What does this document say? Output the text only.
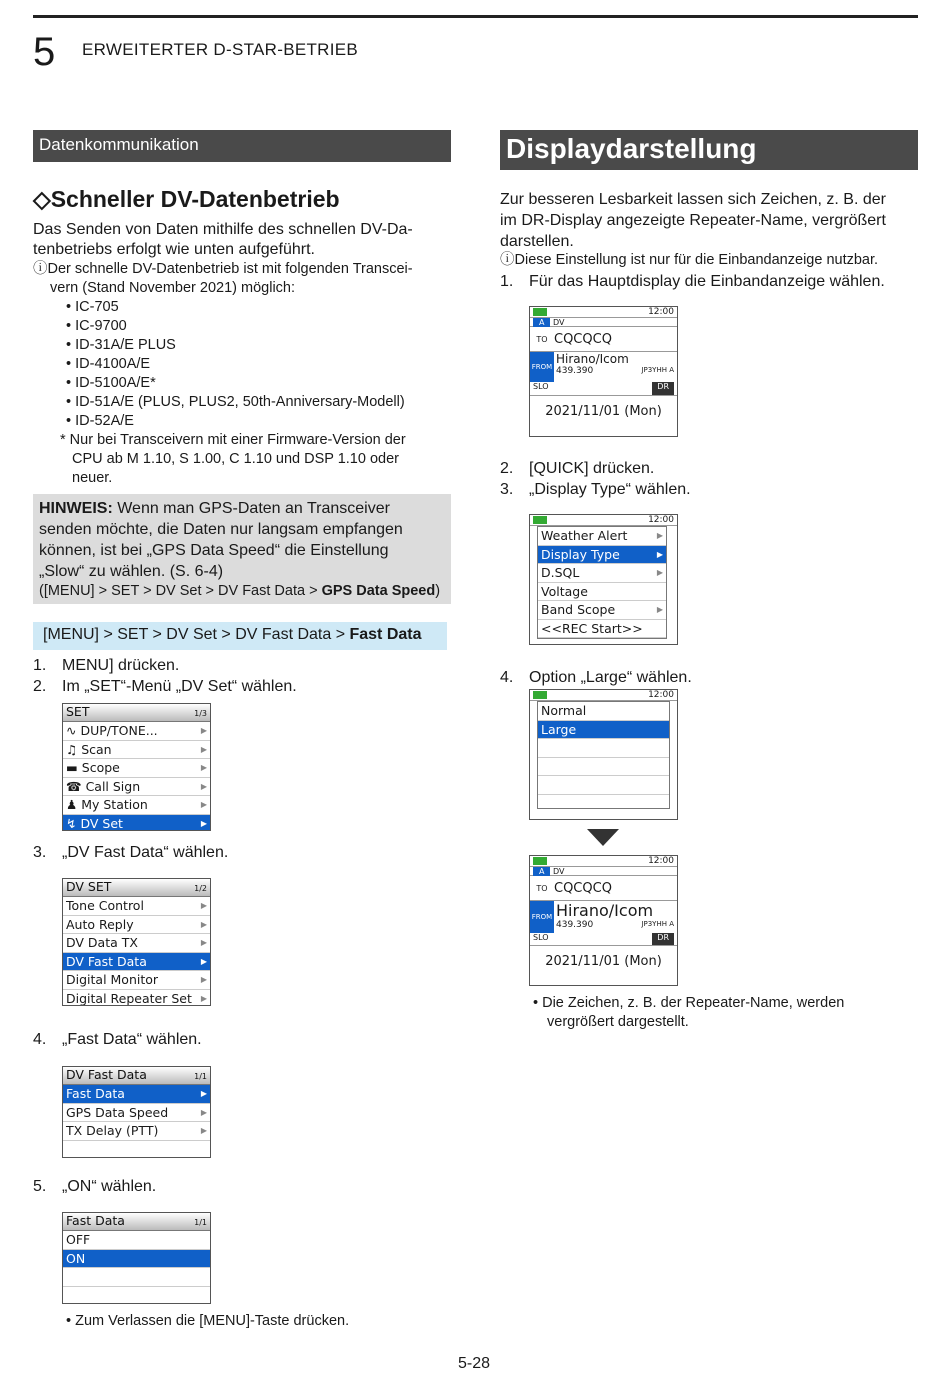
5 ERWEITERTER D-STAR-BETRIEB
Datenkommunikation
◇Schneller DV-Datenbetrieb
Das Senden von Daten mithilfe des schnellen DV-Da-
tenbetriebs erfolgt wie unten aufgeführt.
ⓘDer schnelle DV-Datenbetrieb ist mit folgenden Transcei-
vern (Stand November 2021) möglich:
• IC-705
• IC-9700
• ID-31A/E PLUS
• ID-4100A/E
• ID-5100A/E*
• ID-51A/E (PLUS, PLUS2, 50th-Anniversary-Modell)
• ID-52A/E
* Nur bei Transceivern mit einer Firmware-Version der
CPU ab M 1.10, S 1.00, C 1.10 und DSP 1.10 oder
neuer.
HINWEIS: Wenn man GPS-Daten an Transceiver
senden möchte, die Daten nur langsam empfangen
können, ist bei „GPS Data Speed“ die Einstellung
„Slow“ zu wählen. (S. 6-4)
([MENU] > SET > DV Set > DV Fast Data > GPS Data Speed)
[MENU] > SET > DV Set > DV Fast Data > Fast Data
1. MENU] drücken.
2. Im „SET“-Menü „DV Set“ wählen.
SET	1/3
∿ DUP/TONE...	▶
♫ Scan	▶
▬ Scope	▶
☎ Call Sign	▶
♟ My Station	▶
↯ DV Set	▶
3. „DV Fast Data“ wählen.
DV SET	1/2
Tone Control	▶
Auto Reply	▶
DV Data TX	▶
DV Fast Data	▶
Digital Monitor	▶
Digital Repeater Set ▶
4. „Fast Data“ wählen.
DV Fast Data	1/1
Fast Data	▶
GPS Data Speed	▶
TX Delay (PTT)	▶
5. „ON“ wählen.
Fast Data	1/1
OFF
ON
• Zum Verlassen die [MENU]-Taste drücken.
Displaydarstellung
Zur besseren Lesbarkeit lassen sich Zeichen, z. B. der
im DR-Display angezeigte Repeater-Name, vergrößert
darstellen.
ⓘDiese Einstellung ist nur für die Einbandanzeige nutzbar.
1. Für das Hauptdisplay die Einbandanzeige wählen.
12:00
A DV
TO CQCQCQ
FROM
Hirano/Icom
439.390	JP3YHH A
SLO	DR
2021/11/01 (Mon)
2. [QUICK] drücken.
3. „Display Type“ wählen.
12:00
Weather Alert	▶
Display Type	▶
D.SQL	▶
Voltage
Band Scope	▶
<<REC Start>>
4. Option „Large“ wählen.
12:00
Normal
Large
12:00
A DV
TO CQCQCQ
FROM Hirano/Icom
439.390	JP3YHH A
SLO	DR
2021/11/01 (Mon)
• Die Zeichen, z. B. der Repeater-Name, werden
vergrößert dargestellt.
5-28
